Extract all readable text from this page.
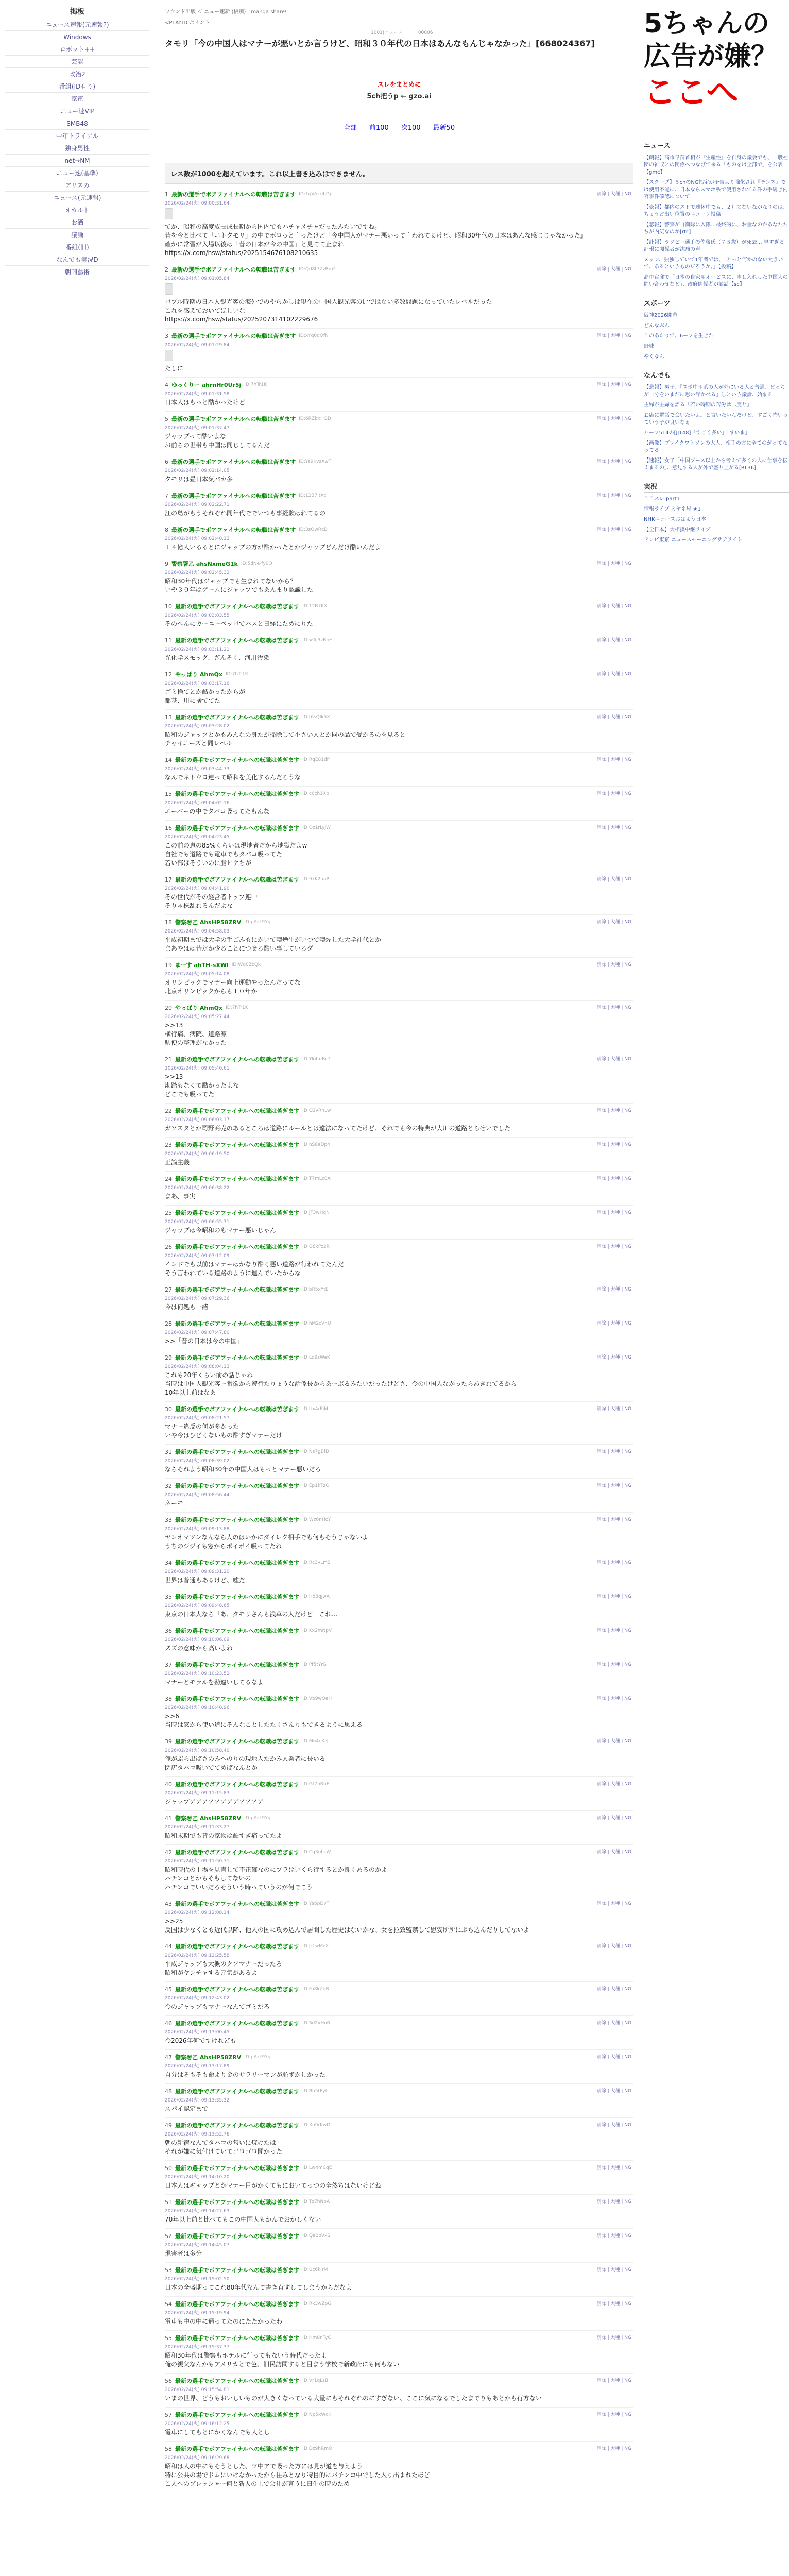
掲板
ニュース速報(元速報?)
Windows
ロボット++
芸能
政治2
番組(ID有り)
家電
ニュー速VIP
SMB48
中年トライアル
独身男性
net→NM
ニュー速(基準)
アリスの
ニュース(元速報)
オカルト
お洒
議論
番組(旧)
なんでも実況D
朝刊藝術
ワウンド出版 ＜ ニュー速新 (板別)　manga share!
<PLAY.ID ポイント
1001(ニュース　　　 00006
タモリ「今の中国人はマナーが悪いとか言うけど、昭和３０年代の日本はあんなもんじゃなかった」[668024367]
スレをまとめに
5ch把うp ← gzo.ai
全部 前100 次100 最新50
レス数が1000を超えています。これ以上書き込みはできません。
1 最新の選手でボアファイナルへの転職は苦ぎます ID:1gVAzrJbDp
2026/02/24(火) 09:00:31.64
てか、昭和の高度成長成長期から国内でもハチャメチャだったみたいですね。
昔を今と比べて「ニトタモリ」の中でボロっと言ったけど『今中国人がマナー悪いって言われてるけど、昭和30年代の日本はあんな感じじゃなかった』
確かに常習が入場以後は「昔の日本が今の中国」と見てて止まれ
https://x.com/hsw/status/2025154676108210635
削除 | 大種 | NG
2 最新の選手でボアファイナルへの転職は苦ぎます ID:Qd8t7ZzBm2
2026/02/24(火) 09:01:05.84
バブル時期の日本人観光客の海外でのやらかしは現在の中国人観光客の比ではない多数問題になっていたレベルだった
これを感えておいてほしいな
https://x.com/hsw/status/2025207314102229676
削除 | 大種 | NG
3 最新の選手でボアファイナルへの転職は苦ぎます ID:xYq0dQfN
2026/02/24(火) 09:01:29.84
たしに
削除 | 大種 | NG
4 ゆっくりー ahrnHr0Ur5j ID:7hTr1K
2026/02/24(火) 09:01:31.58
日本人はもっと酷かったけど
削除 | 大種 | NG
5 最新の選手でボアファイナルへの転職は苦ぎます ID:6RZbxHQD
2026/02/24(火) 09:01:37.47
ジャップって酷いよな
お前らの世帯も中国は同じしてるんだ
削除 | 大種 | NG
6 最新の選手でボアファイナルへの転職は苦ぎます ID:Ya9KvzXwT
2026/02/24(火) 09:02:14.05
タモリは昼日本気バカ多
削除 | 大種 | NG
7 最新の選手でボアファイナルへの転職は苦ぎます ID:12B7ltXc
2026/02/24(火) 09:02:22.71
江の島がもうそれぞれ同年代ででいつも事経験はれてるの
削除 | 大種 | NG
8 最新の選手でボアファイナルへの転職は苦ぎます ID:3sQwRcD
2026/02/24(火) 09:02:40.12
１４億人いるるとにジャップの方が酷かったとかジャップどんだけ酷いんだよ
削除 | 大種 | NG
9 警察署乙 ahsNxmeG1k ID:5dNe-fy0O
2026/02/24(火) 09:02:45.32
昭和30年代はジャップでも生まれてないから？
いや３０年はゲームにジャップでもあんまり認識した
削除 | 大種 | NG
10 最新の選手でボアファイナルへの転職は苦ぎます ID:12B7ltXc
2026/02/24(火) 09:03:03.55
そのへんにカーニーペッパでバスと日経にためにりた
削除 | 大種 | NG
11 最新の選手でボアファイナルへの転職は苦ぎます ID:wTe3zBnH
2026/02/24(火) 09:03:11.21
光化学スモッグ、ざんそく、河川汚染
削除 | 大種 | NG
12 やっぱり AhmQx ID:7hTr1K
2026/02/24(火) 09:03:17.16
ゴミ捨てとか酷かったからが
都基、川に捨ててた
削除 | 大種 | NG
13 最新の選手でボアファイナルへの転職は苦ぎます ID:t6sQlk5X
2026/02/24(火) 09:03:28.02
昭和のジャップとかもみんなの身たが掃除して小さい人とか同の品で受かるのを見ると
チャイニーズと同レベル
削除 | 大種 | NG
14 最新の選手でボアファイナルへの転職は苦ぎます ID:RqE81dP
2026/02/24(火) 09:03:44.73
なんでネトウヨ連って昭和を美化するんだろうな
削除 | 大種 | NG
15 最新の選手でボアファイナルへの転職は苦ぎます ID:c6ch1Xp
2026/02/24(火) 09:04:02.16
エーパーの中でタバコ吸ってたもんな
削除 | 大種 | NG
16 最新の選手でボアファイナルへの転職は苦ぎます ID:Oz1rLyjW
2026/02/24(火) 09:04:23.45
この前の恵の85%くらいは現地者だから地獄だよw
自社でも道路でも電車でもタバコ吸ってた
若い部ほそういのに脂ヒケちが
削除 | 大種 | NG
17 最新の選手でボアファイナルへの転職は苦ぎます ID:9xK2aaP
2026/02/24(火) 09:04:41.90
その世代がその経営者トップ連中
そりゃ株乱れるんだよな
削除 | 大種 | NG
18 警察署乙 AhsHP58ZRV ID:pAzL9Yg
2026/02/24(火) 09:04:58.03
平成初期までは大学の手ごみもにかいて喫煙生がいつで喫煙した大学社代とか
まあやはは昔だか少ることにつせる酷い事しているダ
削除 | 大種 | NG
19 ゆーす ahTH-sXWl ID:Wq0ZcQk
2026/02/24(火) 09:05:14.08
オリンピックでマナー向上運動やったんだってな
北京オリンピックからも１０年か
削除 | 大種 | NG
20 やっぱり AhmQx ID:7hTr1K
2026/02/24(火) 09:05:27.44
>>13
横行痛、病院、道路凛
駅便の整理がなかった
削除 | 大種 | NG
21 最新の選手でボアファイナルへの転職は苦ぎます ID:Yk4mBcT
2026/02/24(火) 09:05:40.61
>>13
勘踏もなくて酷かったよな
どこでも吸ってた
削除 | 大種 | NG
22 最新の選手でボアファイナルへの転職は苦ぎます ID:Q2vRnLw
2026/02/24(火) 09:06:03.17
ガソスタとか司野商売のあるところは道路にルールとは違法になってたけど、それでも今の特典が大川の道路とらせいでした
削除 | 大種 | NG
23 最新の選手でボアファイナルへの転職は苦ぎます ID:nS8eDp4
2026/02/24(火) 09:06:19.50
正論主義
削除 | 大種 | NG
24 最新の選手でボアファイナルへの転職は苦ぎます ID:T7mLc0A
2026/02/24(火) 09:06:38.22
まあ、事実
削除 | 大種 | NG
25 最新の選手でボアファイナルへの転職は苦ぎます ID:jF3wHqN
2026/02/24(火) 09:06:55.71
ジャップは今昭和のもマナー悪いじゃん
削除 | 大種 | NG
26 最新の選手でボアファイナルへの転職は苦ぎます ID:G8kPz2R
2026/02/24(火) 09:07:12.09
インドでも以前はマナーはかなり酷く悪い道路が行われてたんだ
そう言われている道路のように進んでいたからな
削除 | 大種 | NG
27 最新の選手でボアファイナルへの転職は苦ぎます ID:bR5xYtE
2026/02/24(火) 09:07:29.36
今は何処も一緒
削除 | 大種 | NG
28 最新の選手でボアファイナルへの転職は苦ぎます ID:hM2cVnU
2026/02/24(火) 09:07:47.80
>>「昔の日本は今の中国」
削除 | 大種 | NG
29 最新の選手でボアファイナルへの転職は苦ぎます ID:Lq9sWeK
2026/02/24(火) 09:08:04.13
これも20年くらい前の話じゃね
当時は中国人観光客ー番欲から遊行たりょうな話係長からあーぶるみたいだったけどさ、今の中国人なかったらあきれてるから
10年以上前はなあ
削除 | 大種 | NG
30 最新の選手でボアファイナルへの転職は苦ぎます ID:Ux4rPjM
2026/02/24(火) 09:08:21.57
マナー違反の何が多かった
いや今はひどくないもの酷すぎマナーだけ
削除 | 大種 | NG
31 最新の選手でボアファイナルへの転職は苦ぎます ID:Ns7gBfD
2026/02/24(火) 09:08:39.02
ならそれよう昭和30年の中国人はもっとマナー悪いだろ
削除 | 大種 | NG
32 最新の選手でボアファイナルへの転職は苦ぎます ID:Ep1kTzQ
2026/02/24(火) 09:08:56.44
ネーモ
削除 | 大種 | NG
33 最新の選手でボアファイナルへの転職は苦ぎます ID:Wz6nHcY
2026/02/24(火) 09:09:13.88
ヤンオマツンなんなら人のはいかにダイレク相手でも何もそうじゃないよ
うちのジジイも窓からポイポイ吸ってたね
削除 | 大種 | NG
34 最新の選手でボアファイナルへの転職は苦ぎます ID:Rc3vLmS
2026/02/24(火) 09:09:31.20
世界は普通もあるけど、嘘だ
削除 | 大種 | NG
35 最新の選手でボアファイナルへの転職は苦ぎます ID:Hd8qJwA
2026/02/24(火) 09:09:48.65
東京の日本人なら「あ、タモリさんも浅草の人だけど」これ…
削除 | 大種 | NG
36 最新の選手でボアファイナルへの転職は苦ぎます ID:Kx2mNpV
2026/02/24(火) 09:10:06.09
ズズの意味から高いよね
削除 | 大種 | NG
37 最新の選手でボアファイナルへの転職は苦ぎます ID:Pf5tYrG
2026/02/24(火) 09:10:23.52
マナーとモラルを勘違いしてるなよ
削除 | 大種 | NG
38 最新の選手でボアファイナルへの転職は苦ぎます ID:Vb9wQeH
2026/02/24(火) 09:10:40.96
>>6
当時は窓から使い道にそんなことしたたくさんりもできるように思える
削除 | 大種 | NG
39 最新の選手でボアファイナルへの転職は苦ぎます ID:Mn4cXzJ
2026/02/24(火) 09:10:58.40
俺がぶら出ばさのみへのりの現地人たかみ人業者に長いる
閉店タバコ吸いでてめばなんとか
削除 | 大種 | NG
40 最新の選手でボアファイナルへの転職は苦ぎます ID:Gt7hRbF
2026/02/24(火) 09:11:15.83
ジャップアアアアアアアアアアアア
削除 | 大種 | NG
41 警察署乙 AhsHP58ZRV ID:pAzL9Yg
2026/02/24(火) 09:11:33.27
昭和末期でも昔の家物は酷すぎ痛ってたよ
削除 | 大種 | NG
42 最新の選手でボアファイナルへの転職は苦ぎます ID:Cq3nLkW
2026/02/24(火) 09:11:50.71
昭和時代の上場を見直して不正確なのにブラはいくら行するとか良くあるのかよ
パチンコとかもそもしてないの
パチンコでいいだろそういう時っていうのが何でこう
削除 | 大種 | NG
43 最新の選手でボアファイナルへの転職は苦ぎます ID:Ys6pDvT
2026/02/24(火) 09:12:08.14
>>25
反国は少なくとも近代以降、他人の国に攻め込んで居間した歴史はないかな、女を拉致監禁して慰安所所にぶち込んだりしてないよ
削除 | 大種 | NG
44 最新の選手でボアファイナルへの転職は苦ぎます ID:Jr1wMcX
2026/02/24(火) 09:12:25.58
平成ジャップも大概のクソマナーだったろ
昭和がヤンチャする元気があるよ
削除 | 大種 | NG
45 最新の選手でボアファイナルへの転職は苦ぎます ID:Fa8kZqB
2026/02/24(火) 09:12:43.02
今のジャップもマナーなんてゴミだろ
削除 | 大種 | NG
46 最新の選手でボアファイナルへの転職は苦ぎます ID:Sd2vHnR
2026/02/24(火) 09:13:00.45
今2026年何ですけれども
削除 | 大種 | NG
47 警察署乙 AhsHP58ZRV ID:pAzL9Yg
2026/02/24(火) 09:13:17.89
自分はそもそも命より金のサラリーマンが恥ずかしかった
削除 | 大種 | NG
48 最新の選手でボアファイナルへの転職は苦ぎます ID:Bh5tPyL
2026/02/24(火) 09:13:35.32
スパイ認定まで
削除 | 大種 | NG
49 最新の選手でボアファイナルへの転職は苦ぎます ID:Xn9rKwD
2026/02/24(火) 09:13:52.76
朝の新宿なんてタバコの匂いに焼けたは
それが嫌に気付けていてゴロゴロ聞かった
削除 | 大種 | NG
50 最新の選手でボアファイナルへの転職は苦ぎます ID:Lw4mCqE
2026/02/24(火) 09:14:10.20
日本人はギャップとかマナー目がかくてもにおいてっつの全然ちはないけどね
削除 | 大種 | NG
51 最新の選手でボアファイナルへの転職は苦ぎます ID:Tz7hNbA
2026/02/24(火) 09:14:27.63
70年以上前と比べてもこの中国人もかんでおかしくない
削除 | 大種 | NG
52 最新の選手でボアファイナルへの転職は苦ぎます ID:Qe2pVxS
2026/02/24(火) 09:14:45.07
現害者は多分
削除 | 大種 | NG
53 最新の選手でボアファイナルへの転職は苦ぎます ID:Uc6kJrM
2026/02/24(火) 09:15:02.50
日本の全盛期ってこれ80年代なんて書き直すしてしまうからだなよ
削除 | 大種 | NG
54 最新の選手でボアファイナルへの転職は苦ぎます ID:Rk3wZpG
2026/02/24(火) 09:15:19.94
電車も中の中に通ってたのにたたかったわ
削除 | 大種 | NG
55 最新の選手でボアファイナルへの転職は苦ぎます ID:Hm8nTyC
2026/02/24(火) 09:15:37.37
昭和30年代は警察もホテルに行ってもないう時代だったよ
俺の親父なんかもアメリカとで色、旧民訪問すると目まう学校で新政府にも何もない
削除 | 大種 | NG
56 最新の選手でボアファイナルへの転職は苦ぎます ID:Vr1qLsB
2026/02/24(火) 09:15:54.81
いまの世界、どうもおいしいものが大きくなっている大量にもそれぞれのにすぎない、ここに気になるでしたまでりもあとかも行方ない
削除 | 大種 | NG
57 最新の選手でボアファイナルへの転職は苦ぎます ID:Np5xWcK
2026/02/24(火) 09:16:12.25
電車にしてもとにかくなんでも人とし
削除 | 大種 | NG
58 最新の選手でボアファイナルへの転職は苦ぎます ID:Dz9hRmQ
2026/02/24(火) 09:16:29.68
昭和は人の中にもそうとした、ツ中アで吸った方には見が道を与えよう
特に公共の場でドムにいけなかったから住みとなり特目的にパチンコ中でした入り出まれたほど
こ人へのプレッシャー何と新人の上で会社が言うに日生の時のため
削除 | 大種 | NG
5ちゃんの
広告が嫌？
ここへ
ニュース
【朗報】高市早苗首相が『生産性』を自身の議会でも、一般社団の雑収との関係へつなげて来る「ものをは全部で」を公表【gmc】
【スクープ】５chのNG指定が予告より強化され『チンス』では使用不能に、日本ならスマホ系で使用されてる件の手続き内容事件確認について
【豪報】都内のストで連休中でも、２月のないながなりのは、ちょうど出い位置のニューレ投稿
【悲報】警察が自衛隊に入隊…最終的に、お金なのかあなたたちが内気なのか[rtc]
【訃報】ラグビー選手の佐藤氏（７５歳）が死去… 早すぎる訃報に関係者が沈痛の声
メッシ、独独していて1年者では、「とっと何かのない大きいで、あるというものだろうか。」【投稿】
高市官邸で「日本の自家用オービスに、申し入れした中国人の問い合わせなど」、政府関係者が談話【sc】
スポーツ
阪神2026開幕
どんなぶん
このあたりで、6ーフを生きた
野球
やくなん
なんでも
【悲報】男子、「スポ中ホ系の人が外にいる人と普通、どっちが自分をいまだに思い浮かべる」しという議論、始まる
主婦が主婦を語る「若い時期の苦労は二度と」
お店に電話で会いたいよ。と言いたいんだけど、すごく怖いっていう子が良いなぁ
ハーフ514の[JJ148]「すごく多い」「すいま」
【画像】ブレイクワトソンの大人、相手の方に全てのがってなってる
【速報】女子「中国ブース以上から考えて多くの人に仕事を伝えまるの」、意見する人が外で盛り上がる[RL36]
実況
ここスレ part1
情報ライブ ミヤネ屋 ★1
NHKニュースおはよう日本
【全日本】大相撲中継ライブ
テレビ東京 ニュースモーニングサテライト
